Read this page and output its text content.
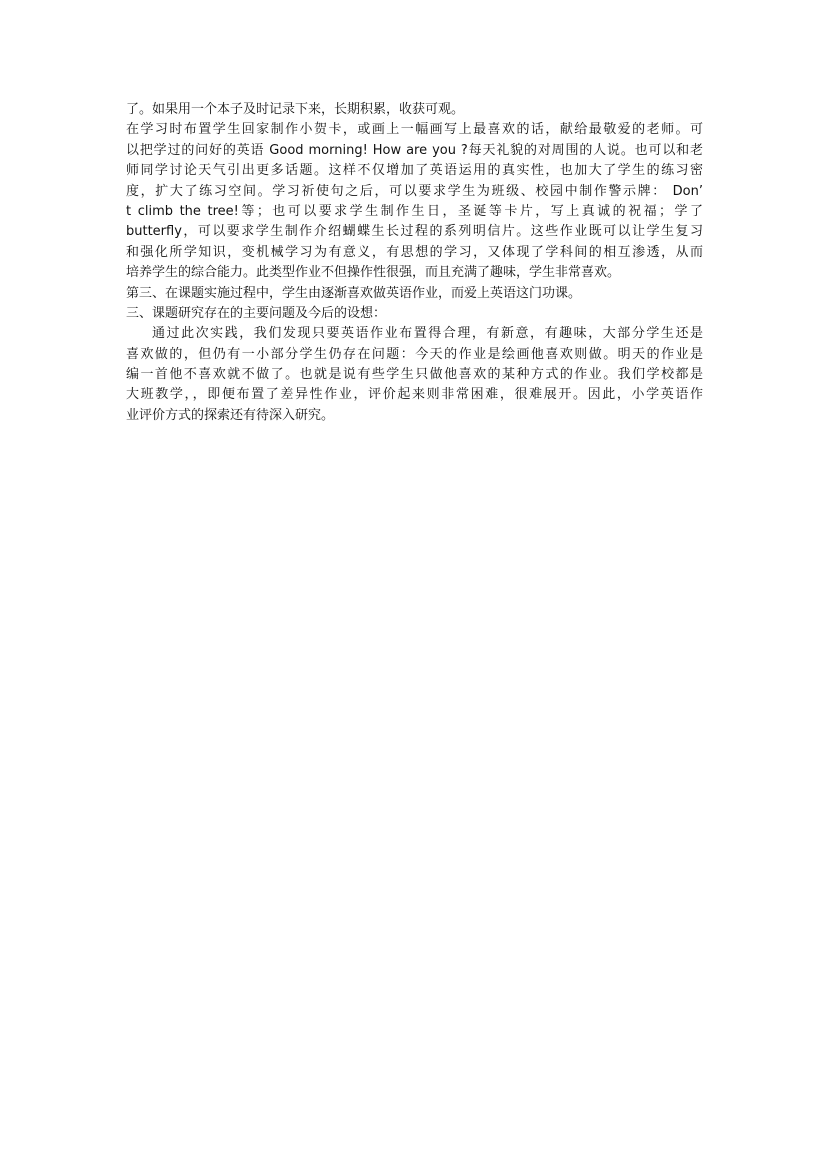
了。如果用一个本子及时记录下来，长期积累，收获可观。
在学习时布置学生回家制作小贺卡，或画上一幅画写上最喜欢的话，献给最敬爱的老师。可
以把学过的问好的英语 Good morning! How are you ?每天礼貌的对周围的人说。也可以和老
师同学讨论天气引出更多话题。这样不仅增加了英语运用的真实性，也加大了学生的练习密
度，扩大了练习空间。学习祈使句之后，可以要求学生为班级、校园中制作警示牌： Don’
t climb the tree!等；也可以要求学生制作生日，圣诞等卡片，写上真诚的祝福；学了
butterfly，可以要求学生制作介绍蝴蝶生长过程的系列明信片。这些作业既可以让学生复习
和强化所学知识，变机械学习为有意义，有思想的学习，又体现了学科间的相互渗透，从而
培养学生的综合能力。此类型作业不但操作性很强，而且充满了趣味，学生非常喜欢。
第三、在课题实施过程中，学生由逐渐喜欢做英语作业，而爱上英语这门功课。
三、课题研究存在的主要问题及今后的设想：
通过此次实践，我们发现只要英语作业布置得合理，有新意，有趣味，大部分学生还是
喜欢做的，但仍有一小部分学生仍存在问题：今天的作业是绘画他喜欢则做。明天的作业是
编一首他不喜欢就不做了。也就是说有些学生只做他喜欢的某种方式的作业。我们学校都是
大班教学，，即便布置了差异性作业，评价起来则非常困难，很难展开。因此，小学英语作
业评价方式的探索还有待深入研究。
